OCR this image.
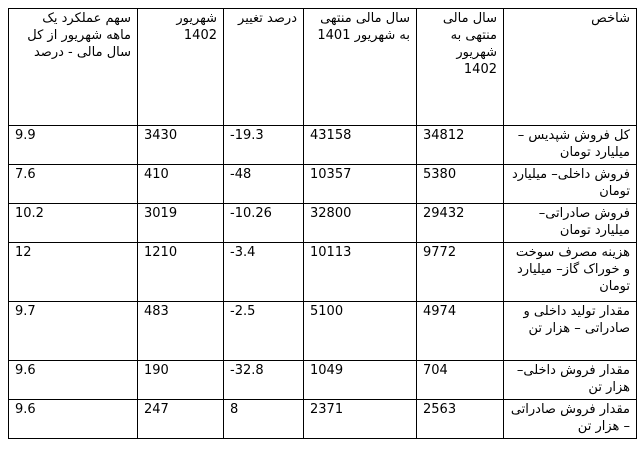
شاخص	سال مالی منتهی به شهریور 1402	سال مالی منتهی به شهریور 1401	درصد تغییر	شهریور 1402	سهم عملکرد یک ماهه شهریور از کل سال مالی - درصد
کل فروش شپدیس – میلیارد تومان	34812	43158	-19.3	3430	9.9
فروش داخلی– میلیارد تومان	5380	10357	-48	410	7.6
فروش صادراتی– میلیارد تومان	29432	32800	-10.26	3019	10.2
هزینه مصرف سوخت و خوراک گاز– میلیارد تومان	9772	10113	-3.4	1210	12
مقدار تولید داخلی و صادراتی – هزار تن	4974	5100	-2.5	483	9.7
مقدار فروش داخلی– هزار تن	704	1049	-32.8	190	9.6
مقدار فروش صادراتی – هزار تن	2563	2371	8	247	9.6
